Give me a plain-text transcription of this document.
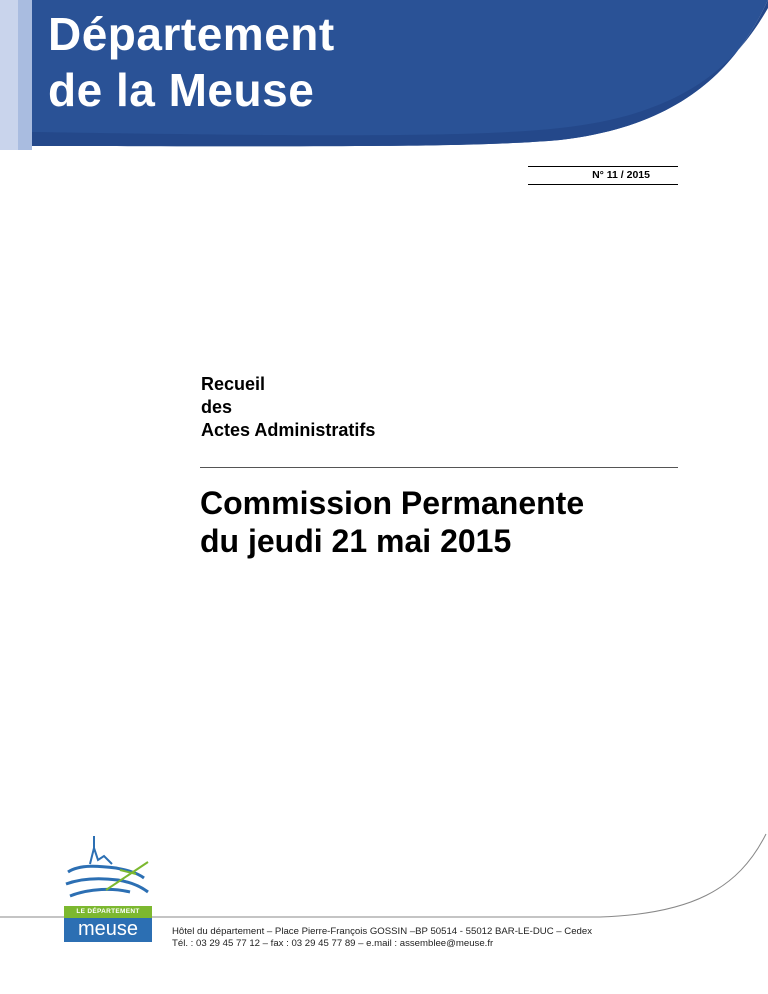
Département
de la Meuse
N° 11 / 2015
Recueil
des
Actes Administratifs
Commission Permanente
du jeudi 21 mai 2015
LE DÉPARTEMENT
meuse	Hôtel du département – Place Pierre-François GOSSIN –BP 50514 - 55012 BAR-LE-DUC – Cedex
Tél. : 03 29 45 77 12 – fax : 03 29 45 77 89 – e.mail : assemblee@meuse.fr
